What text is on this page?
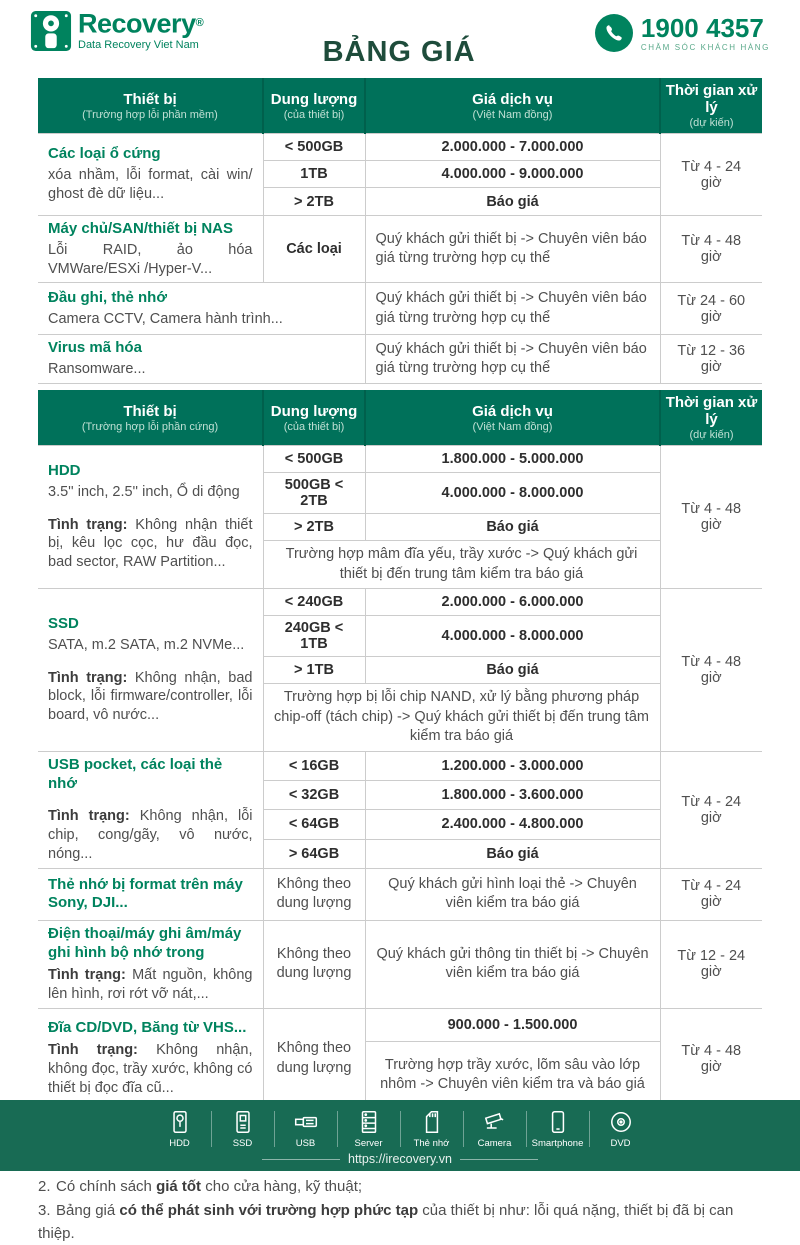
Recovery®
Data Recovery Viet Nam	BẢNG GIÁ
1900 4357
CHĂM SÓC KHÁCH HÀNG
Thiết bị
(Trường hợp lỗi phần mềm)

Dung lượng
(của thiết bị)

Giá dịch vụ
(Việt Nam đồng)

Thời gian xử lý
(dự kiến)

Các loại ổ cứng
xóa nhầm, lỗi format, cài win/ ghost đè dữ liệu...	< 500GB	2.000.000 - 7.000.000	Từ 4 - 24 giờ
	1TB	4.000.000 - 9.000.000	
	> 2TB	Báo giá	

Máy chủ/SAN/thiết bị NAS
Lỗi RAID, ảo hóa VMWare/ESXi /Hyper-V...	Các loại	Quý khách gửi thiết bị -> Chuyên viên báo giá từng trường hợp cụ thể	Từ 4 - 48 giờ

Đầu ghi, thẻ nhớ
Camera CCTV, Camera hành trình...		Quý khách gửi thiết bị -> Chuyên viên báo giá từng trường hợp cụ thể	Từ 24 - 60 giờ

Virus mã hóa
Ransomware...		Quý khách gửi thiết bị -> Chuyên viên báo giá từng trường hợp cụ thể	Từ 12 - 36 giờ
Thiết bị
(Trường hợp lỗi phần cứng)

Dung lượng
(của thiết bị)

Giá dịch vụ
(Việt Nam đồng)

Thời gian xử lý
(dự kiến)

HDD
3.5'' inch, 2.5'' inch, Ổ di động
Tình trạng: Không nhận thiết bị, kêu lọc cọc, hư đầu đọc, bad sector, RAW Partition...	< 500GB	1.800.000 - 5.000.000	Từ 4 - 48 giờ
	500GB < 2TB	4.000.000 - 8.000.000	
	> 2TB	Báo giá	
	Trường hợp mâm đĩa yếu, trầy xước -> Quý khách gửi thiết bị đến trung tâm kiểm tra báo giá		

SSD
SATA, m.2 SATA, m.2 NVMe...
Tình trạng: Không nhận, bad block, lỗi firmware/controller, lỗi board, vô nước...	< 240GB	2.000.000 - 6.000.000	Từ 4 - 48 giờ
	240GB < 1TB	4.000.000 - 8.000.000	
	> 1TB	Báo giá	
	Trường hợp bị lỗi chip NAND, xử lý bằng phương pháp chip-off (tách chip) -> Quý khách gửi thiết bị đến trung tâm kiểm tra báo giá		

USB pocket, các loại thẻ nhớ
Tình trạng: Không nhận, lỗi chip, cong/gãy, vô nước, nóng...	< 16GB	1.200.000 - 3.000.000	Từ 4 - 24 giờ
	< 32GB	1.800.000 - 3.600.000	
	< 64GB	2.400.000 - 4.800.000	
	> 64GB	Báo giá	

Thẻ nhớ bị format trên máy Sony, DJI...	Không theo dung lượng	Quý khách gửi hình loại thẻ -> Chuyên viên kiểm tra báo giá	Từ 4 - 24 giờ

Điện thoại/máy ghi âm/máy ghi hình bộ nhớ trong
Tình trạng: Mất nguồn, không lên hình, rơi rớt vỡ nát,...	Không theo dung lượng	Quý khách gửi thông tin thiết bị -> Chuyên viên kiểm tra báo giá	Từ 12 - 24 giờ

Đĩa CD/DVD, Băng từ VHS...
Tình trạng: Không nhận, không đọc, trầy xước, không có thiết bị đọc đĩa cũ...	Không theo dung lượng	900.000 - 1.500.000	Từ 4 - 48 giờ
		Trường hợp trầy xước, lõm sâu vào lớp nhôm -> Chuyên viên kiểm tra và báo giá	
2. Có chính sách giá tốt cho cửa hàng, kỹ thuật;
3. Bảng giá có thể phát sinh với trường hợp phức tạp của thiết bị như: lỗi quá nặng, thiết bị đã bị can thiệp.
HDD	SSD	USB	Server	Thẻ nhớ	Camera Smartphone	DVD
https://irecovery.vn
